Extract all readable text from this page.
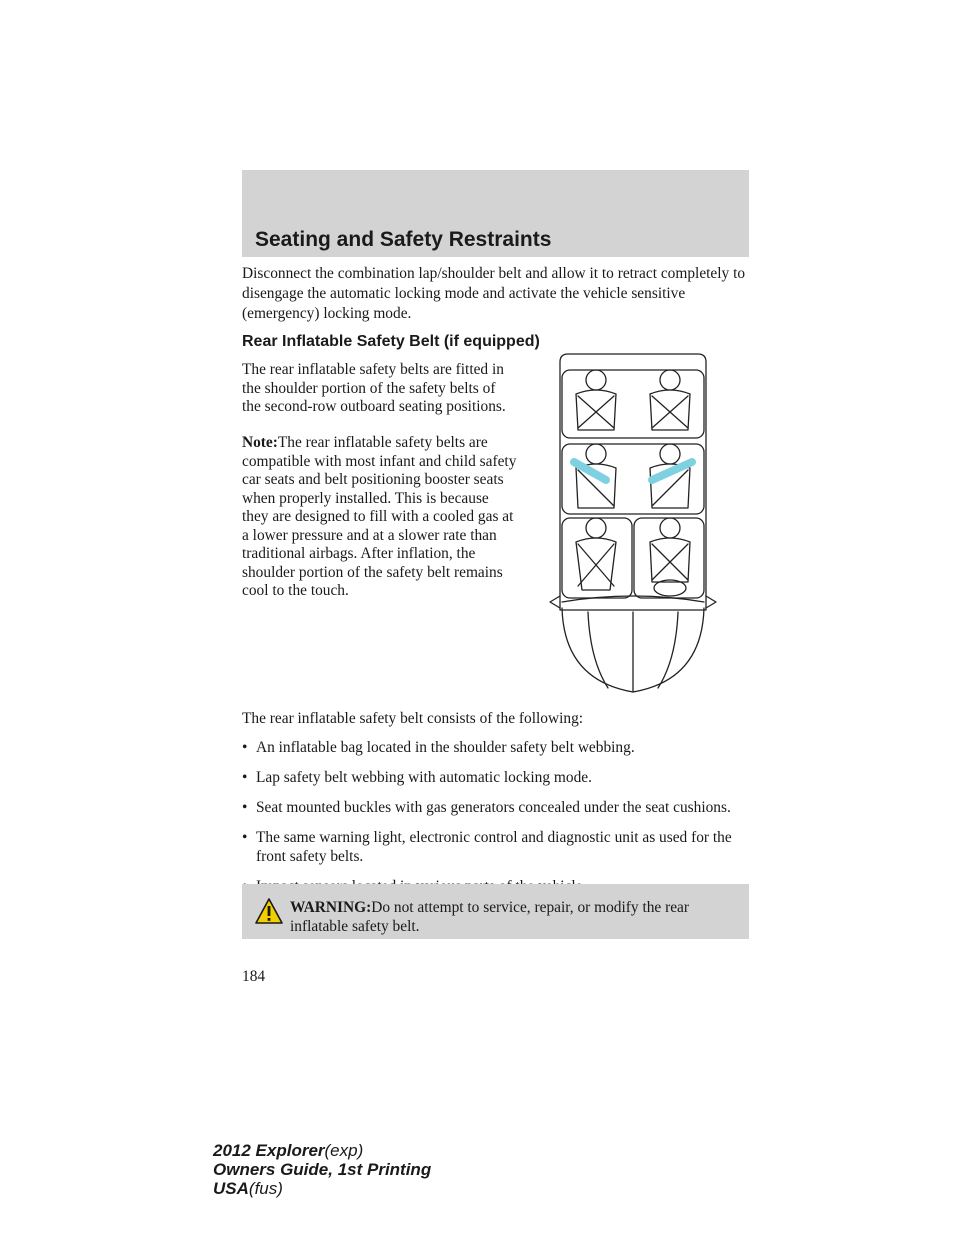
Seating and Safety Restraints

Disconnect the combination lap/shoulder belt and allow it to retract completely to disengage the automatic locking mode and activate the vehicle sensitive (emergency) locking mode.

Rear Inflatable Safety Belt (if equipped)

The rear inflatable safety belts are fitted in the shoulder portion of the safety belts of the second-row outboard seating positions.

Note:The rear inflatable safety belts are compatible with most infant and child safety car seats and belt positioning booster seats when properly installed. This is because they are designed to fill with a cooled gas at a lower pressure and at a slower rate than traditional airbags. After inflation, the shoulder portion of the safety belt remains cool to the touch.

The rear inflatable safety belt consists of the following:

• An inflatable bag located in the shoulder safety belt webbing.
• Lap safety belt webbing with automatic locking mode.
• Seat mounted buckles with gas generators concealed under the seat cushions.
• The same warning light, electronic control and diagnostic unit as used for the front safety belts.

WARNING:Do not attempt to service, repair, or modify the rear inflatable safety belt.

184
2012 Explorer(exp)
Owners Guide, 1st Printing
USA(fus)
